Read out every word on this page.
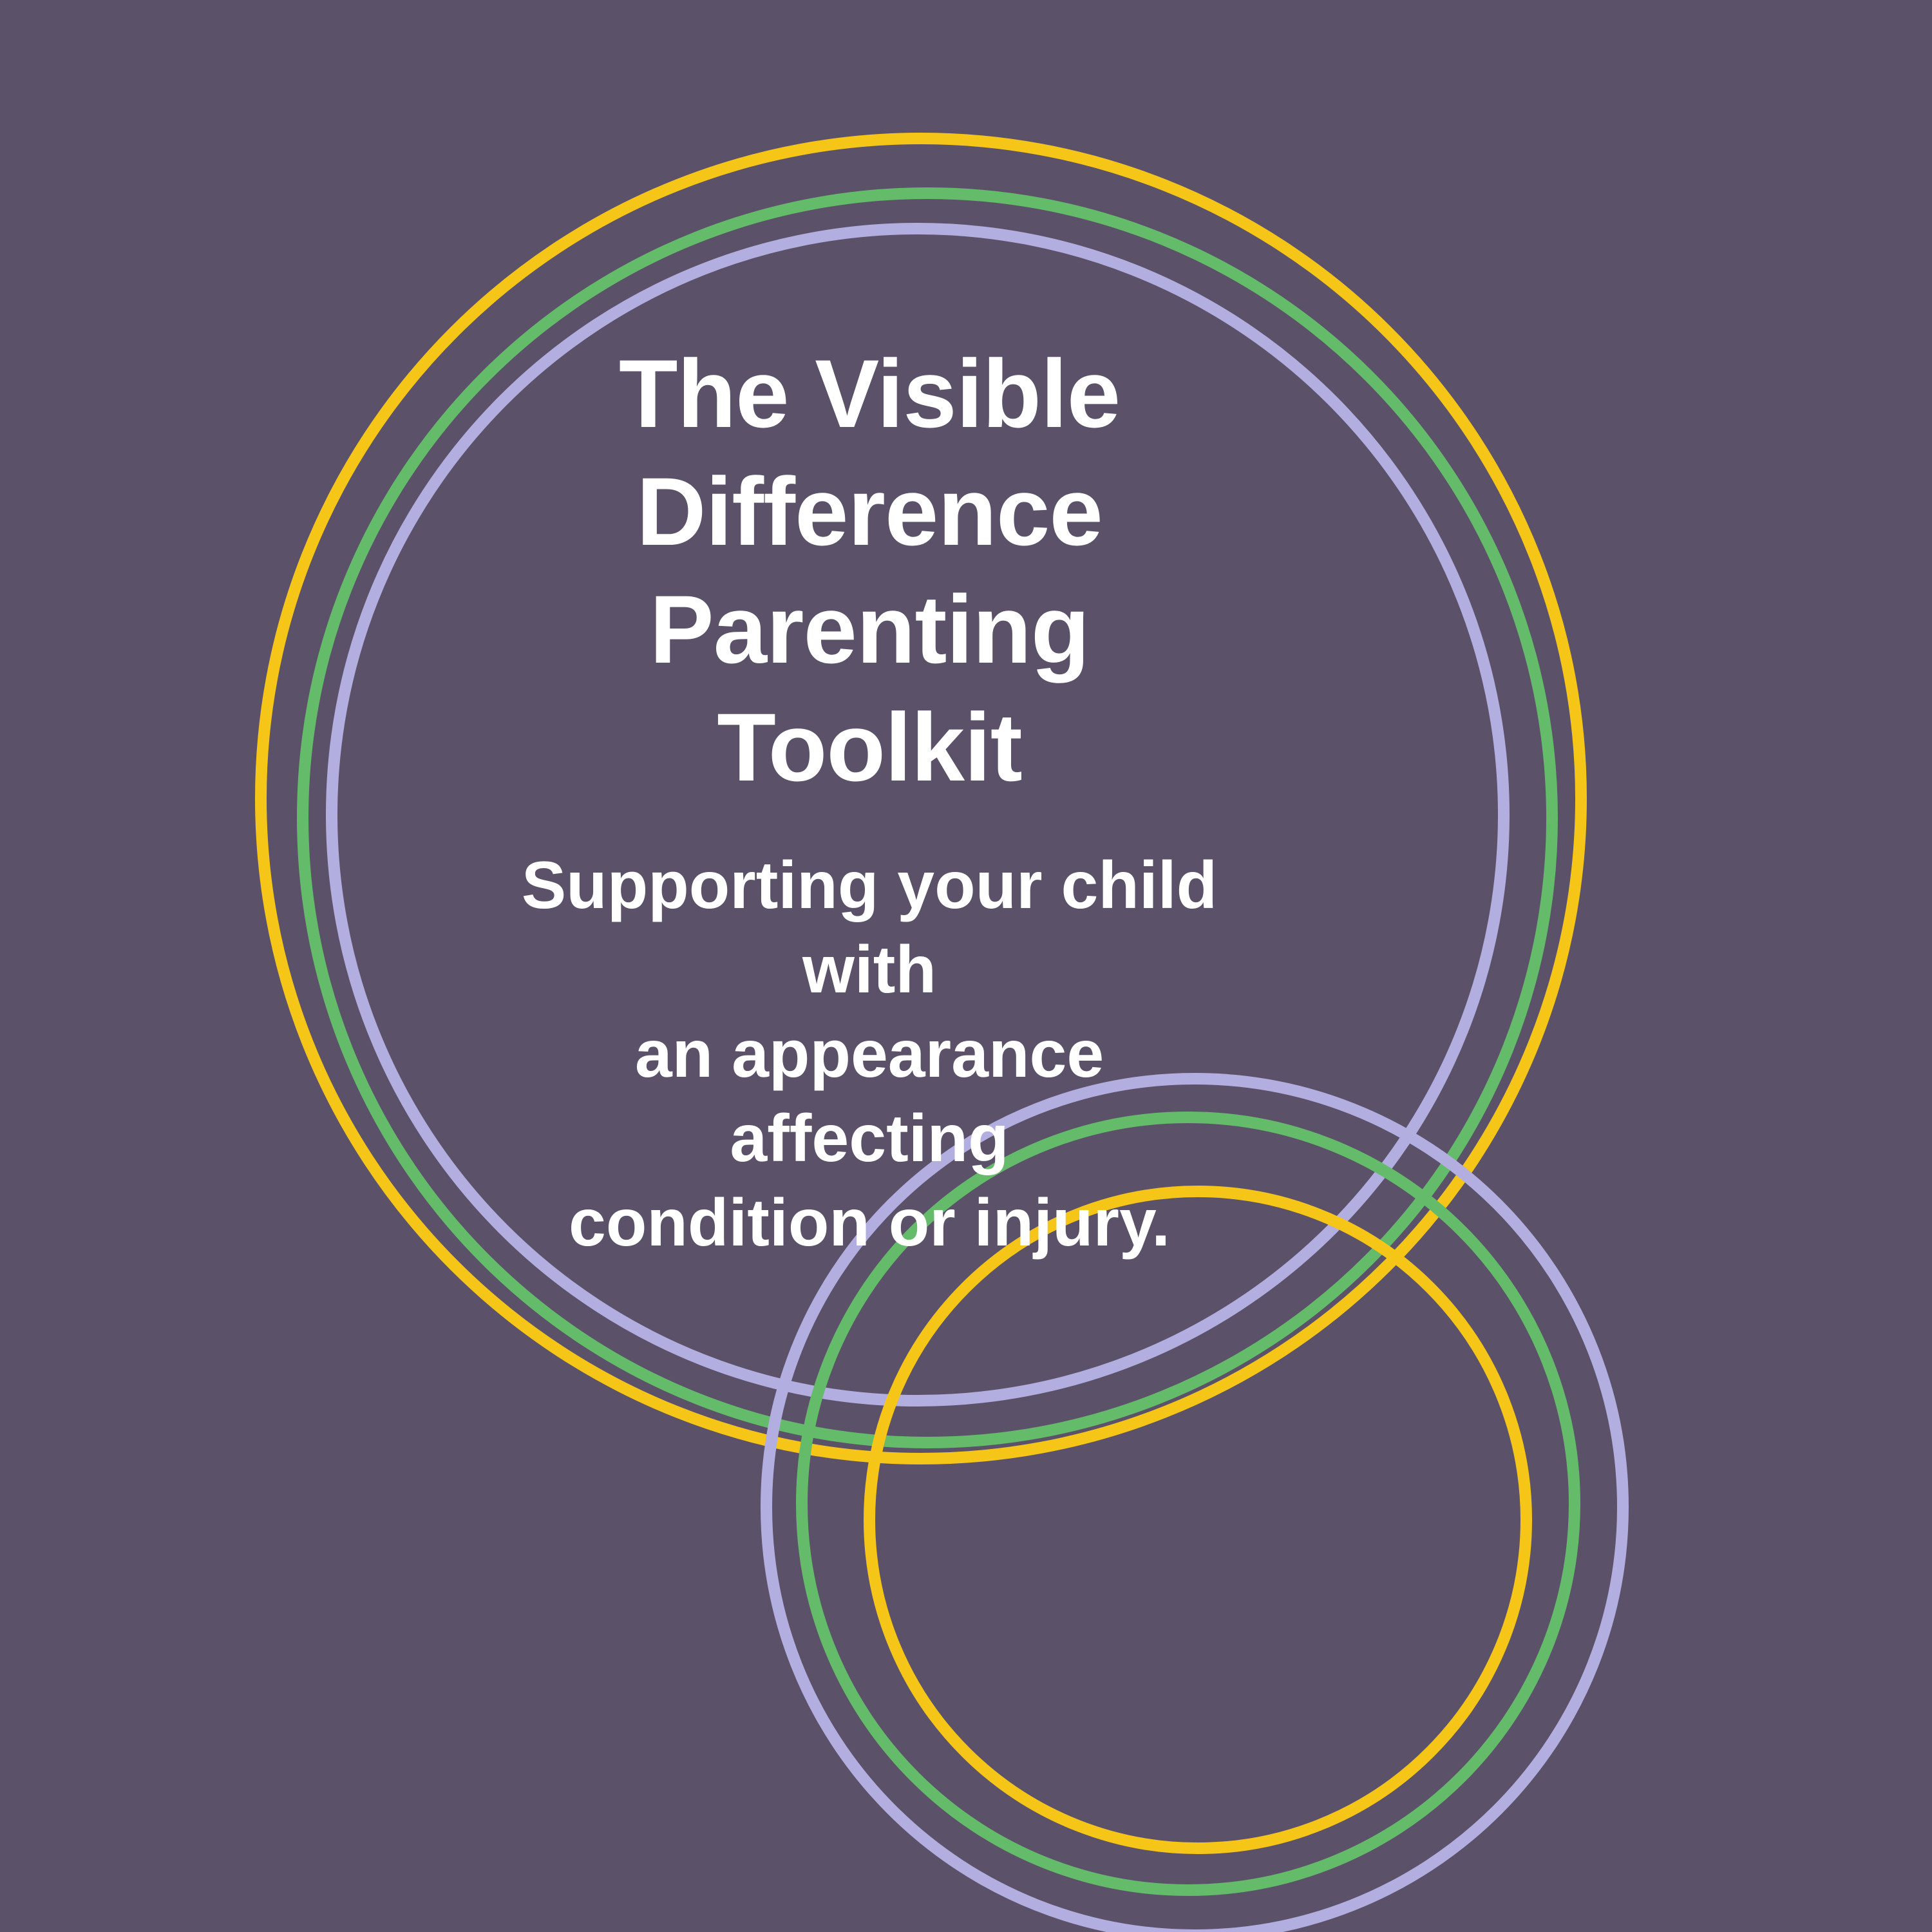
The Visible
Difference
Parenting Toolkit

Supporting your child with
an appearance affecting
condition or injury.
